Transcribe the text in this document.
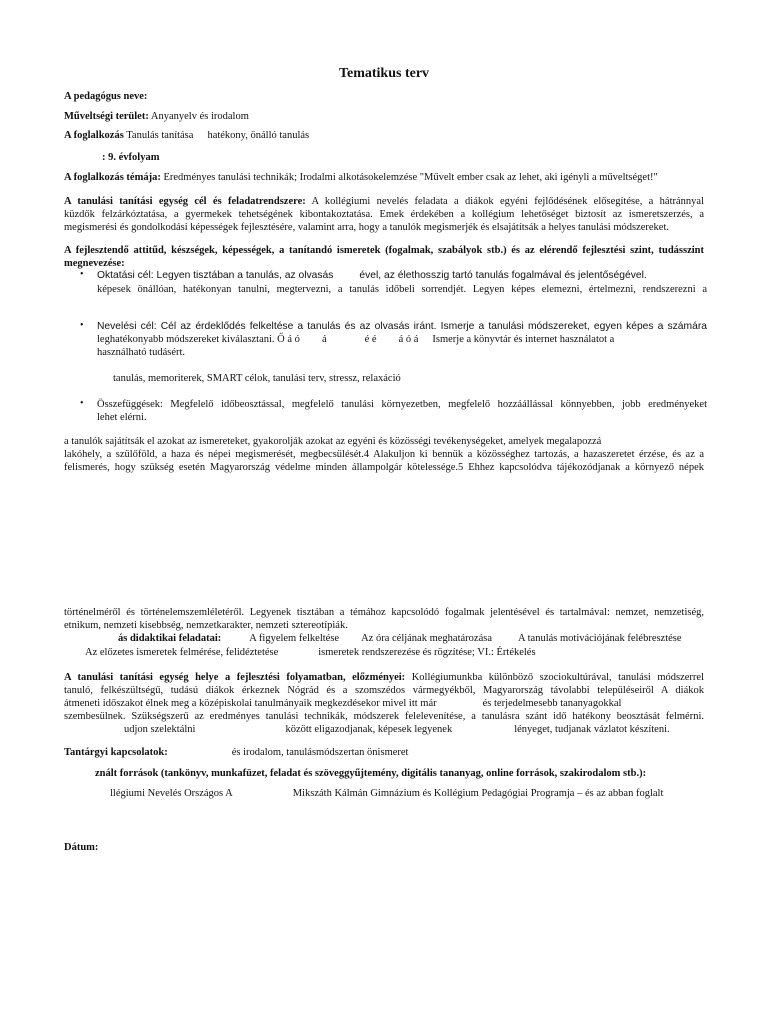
Tematikus terv
A pedagógus neve:
Műveltségi terület: Anyanyelv és irodalom
A foglalkozás Tanulás tanítása hatékony, önálló tanulás
: 9. évfolyam
A foglalkozás témája: Eredményes tanulási technikák; Irodalmi alkotásokelemzése "Művelt ember csak az lehet, aki igényli a műveltséget!"
A tanulási tanítási egység cél és feladatrendszere: A kollégiumi nevelés feladata a diákok egyéni fejlődésének elősegítése, a hátránnyal
küzdők felzárkóztatása, a gyermekek tehetségének kibontakoztatása. Emek érdekében a kollégium lehetőséget biztosít az ismeretszerzés, a
megismerési és gondolkodási képességek fejlesztésére, valamint arra, hogy a tanulók megismerjék és elsajátítsák a helyes tanulási módszereket.
A fejlesztendő attitűd, készségek, képességek, a tanítandó ismeretek (fogalmak, szabályok stb.) és az elérendő fejlesztési szint, tudásszint
megnevezése:
• Oktatási cél: Legyen tisztában a tanulás, az olvasás	ével, az élethosszig tartó tanulás fogalmával és jelentőségével.
képesek önállóan, hatékonyan tanulni, megtervezni, a tanulás időbeli sorrendjét. Legyen képes elemezni, értelmezni, rendszerezni a
• Nevelési cél: Cél az érdeklődés felkeltése a tanulás és az olvasás iránt. Ismerje a tanulási módszereket, egyen képes a számára
leghatékonyabb módszereket kiválasztani. Ő á ó á	é é á ó á Ismerje a könyvtár és internet használatot a
használható tudásért.
tanulás, memoriterek, SMART célok, tanulási terv, stressz, relaxáció
• Összefüggések: Megfelelő időbeosztással, megfelelő tanulási környezetben, megfelelő hozzáállással könnyebben, jobb eredményeket
lehet elérni.
a tanulók sajátítsák el azokat az ismereteket, gyakorolják azokat az egyéni és közösségi tevékenységeket, amelyek megalapozzá
lakóhely, a szülőföld, a haza és népei megismerését, megbecsülését.4 Alakuljon ki bennük a közösséghez tartozás, a hazaszeretet érzése, és az a
felismerés, hogy szükség esetén Magyarország védelme minden állampolgár kötelessége.5 Ehhez kapcsolódva tájékozódjanak a környező népek
történelméről és történelemszemléletéről. Legyenek tisztában a témához kapcsolódó fogalmak jelentésével és tartalmával: nemzet, nemzetiség,
etnikum, nemzeti kisebbség, nemzetkarakter, nemzeti sztereotípiák.
ás didaktikai feladatai:	A figyelem felkeltése Az óra céljának meghatározása A tanulás motivációjának felébresztése
Az előzetes ismeretek felmérése, felidéztetése	ismeretek rendszerezése és rögzítése; VI.: Értékelés
A tanulási tanítási egység helye a fejlesztési folyamatban, előzményei: Kollégiumunkba különböző szociokultúrával, tanulási módszerrel
tanuló, felkészültségű, tudású diákok érkeznek Nógrád és a szomszédos vármegyékből, Magyarország távolabbi településeiről A diákok
átmeneti időszakot élnek meg a középiskolai tanulmányaik megkezdésekor mivel itt már	és terjedelmesebb tananyagokkal
szembesülnek. Szükségszerű az eredményes tanulási technikák, módszerek felelevenítése, a tanulásra szánt idő hatékony beosztását felmérni.
udjon szelektálni	között eligazodjanak, képesek legyenek	lényeget, tudjanak vázlatot készíteni.
Tantárgyi kapcsolatok:	és irodalom, tanulásmódszertan önismeret
znált források (tankönyv, munkafüzet, feladat és szöveggyűjtemény, digitális tananyag, online források, szakirodalom stb.):
llégiumi Nevelés Országos A	Mikszáth Kálmán Gimnázium és Kollégium Pedagógiai Programja – és az abban foglalt
Dátum:
